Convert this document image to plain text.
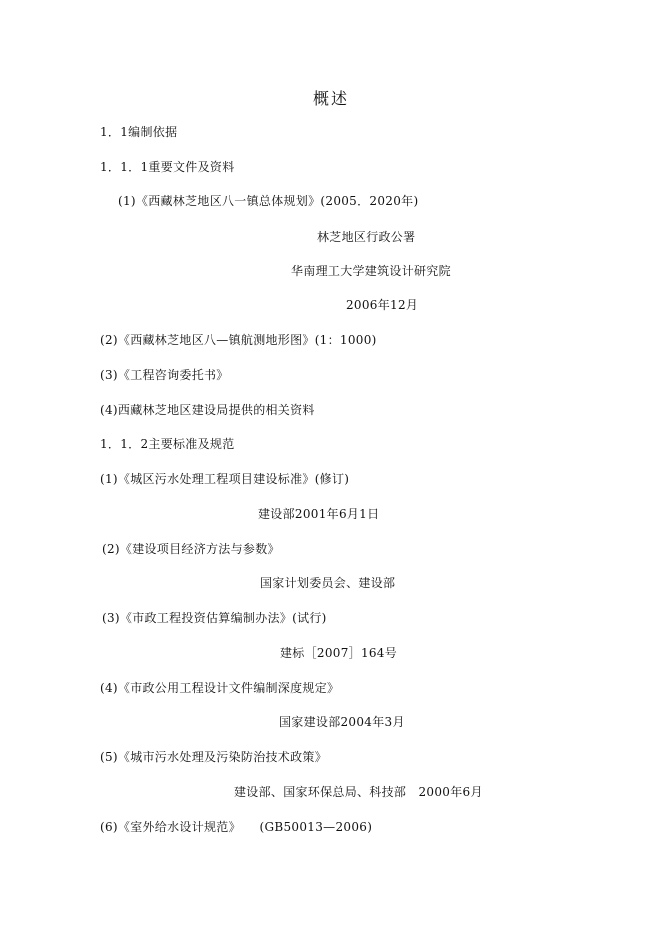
概述
1．1编制依据
1．1．1重要文件及资料
(1)《西藏林芝地区八一镇总体规划》(2005．2020年)
林芝地区行政公署
华南理工大学建筑设计研究院
2006年12月
(2)《西藏林芝地区八—镇航测地形图》(1：1000)
(3)《工程咨询委托书》
(4)西藏林芝地区建设局提供的相关资料
1．1．2主要标准及规范
(1)《城区污水处理工程项目建设标准》(修订)
建设部2001年6月1日
(2)《建设项目经济方法与参数》
国家计划委员会、建设部
(3)《市政工程投资估算编制办法》(试行)
建标［2007］164号
(4)《市政公用工程设计文件编制深度规定》
国家建设部2004年3月
(5)《城市污水处理及污染防治技术政策》
建设部、国家环保总局、科技部　2000年6月
(6)《室外给水设计规范》　　(GB50013—2006)
